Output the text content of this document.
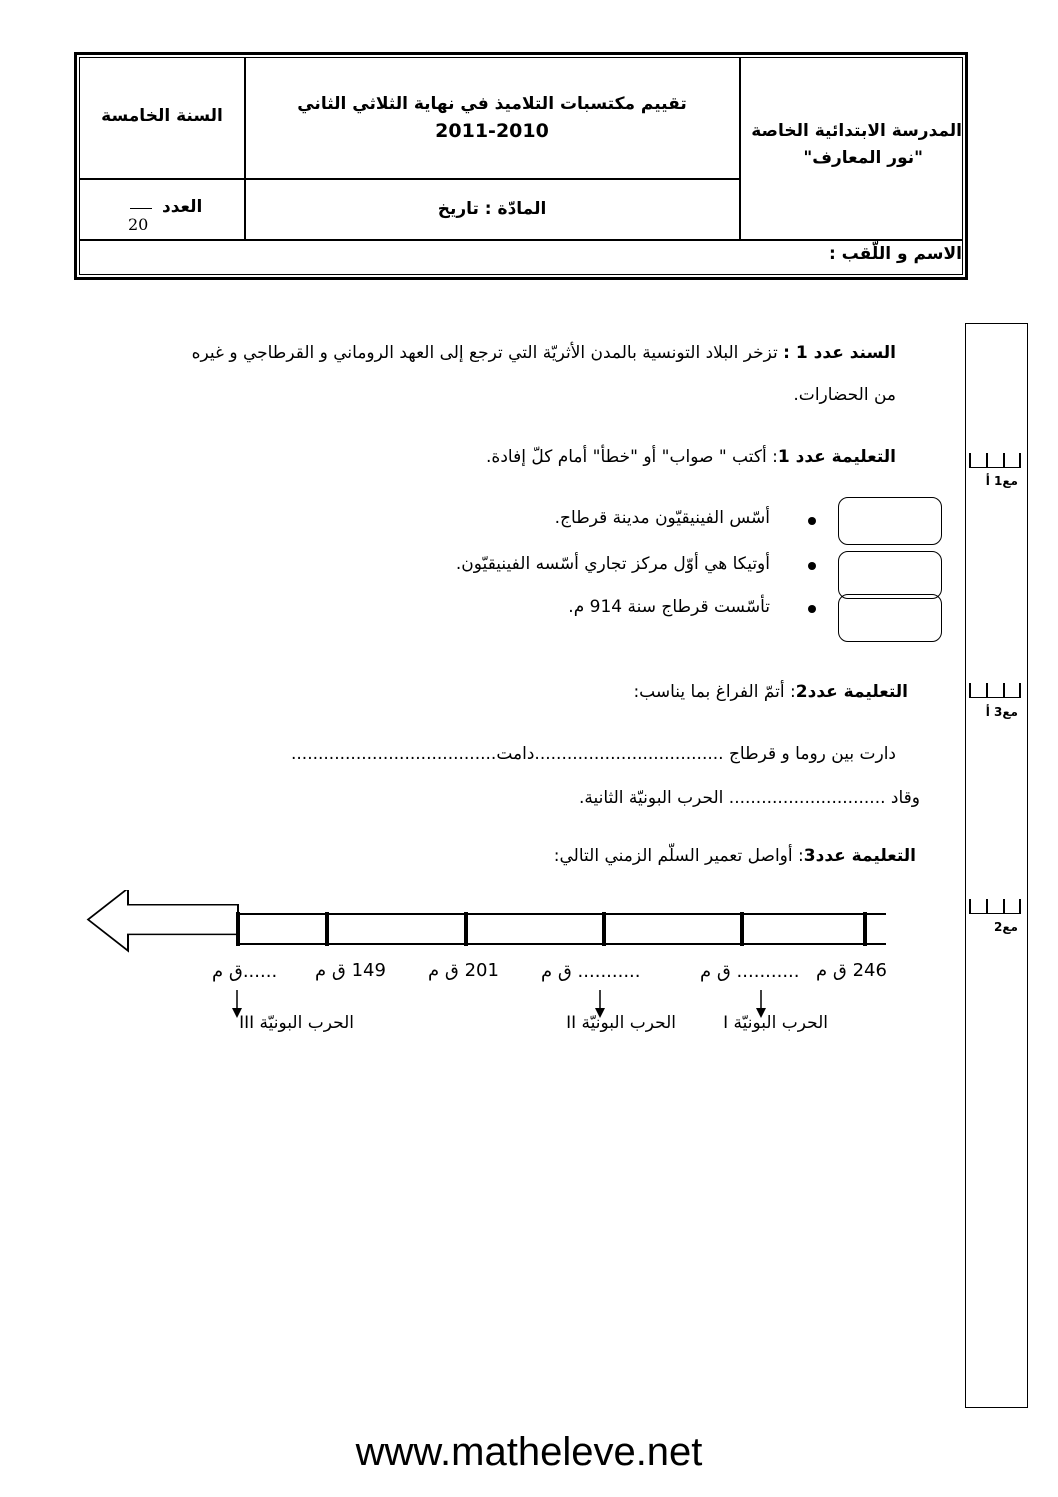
المدرسة الابتدائية الخاصة
"نور المعارف"
تقييم مكتسبات التلاميذ في نهاية الثلاثي الثاني
2011-2010
السنة الخامسة
المادّة : تاريخ
العدد
20
الاسم و اللّقب :
مع1 أ
مع3 أ
مع2
السند عدد 1 : تزخر البلاد التونسية بالمدن الأثريّة التي ترجع إلى العهد الروماني و القرطاجي و غيره
من الحضارات.
التعليمة عدد 1: أكتب " صواب" أو "خطأ" أمام كلّ إفادة.
أسّس الفينيقيّون مدينة قرطاج.
أوتيكا هي أوّل مركز تجاري أسّسه الفينيقيّون.
تأسّست قرطاج سنة 914 م.
التعليمة عدد2: أتمّ الفراغ بما يناسب:
دارت بين روما و قرطاج ...................................دامت......................................
وقاد ............................. الحرب البونيّة الثانية.
التعليمة عدد3: أواصل تعمير السلّم الزمني التالي:
246 ق م
........... ق م
........... ق م
201 ق م
149 ق م
......ق م
الحرب البونيّة I
الحرب البونيّة II
الحرب البونيّة III
www.matheleve.net
